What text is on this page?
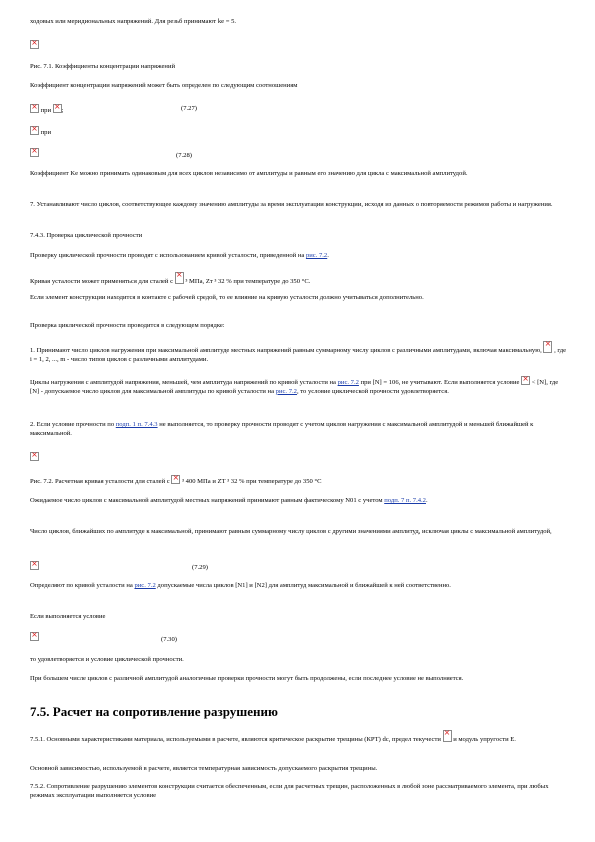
ходовых или меридиональных напряжений. Для резьб принимают ke = 5.
×
Рис. 7.1. Коэффициенты концентрации напряжений
Коэффициент концентрации напряжений может быть определен по следующим соотношениям
× при × ;	(7.27)
× при
×
(7.28)
Коэффициент Ke можно принимать одинаковым для всех циклов независимо от амплитуды и равным его значению для цикла с максимальной амплитудой.
7. Устанавливают число циклов, соответствующее каждому значению амплитуды за время эксплуатации конструкции, исходя из данных о повторяемости режимов работы и нагружения.
7.4.3. Проверка циклической прочности
Проверку циклической прочности проводят с использованием кривой усталости, приведенной на рис. 7.2.
Кривая усталости может применяться для сталей с × ³ МПа, Zт ³ 32 % при температуре до 350 °С.
Если элемент конструкции находится в контакте с рабочей средой, то ее влияние на кривую усталости должно учитываться дополнительно.
Проверка циклической прочности проводится в следующем порядке:
1. Принимают число циклов нагружения при максимальной амплитуде местных напряжений равным суммарному числу циклов с различными амплитудами, включая максимальную, × , где i = 1, 2, ..., m - число типов циклов с различными амплитудами.
Циклы нагружения с амплитудой напряжения, меньшей, чем амплитуда напряжений по кривой усталости на рис. 7.2 при [N] = 106, не учитывают. Если выполняется условие × < [N], где [N] - допускаемое число циклов для максимальной амплитуды по кривой усталости на рис. 7.2, то условие циклической прочности удовлетворяется.
2. Если условие прочности по подп. 1 п. 7.4.3 не выполняется, то проверку прочности проводят с учетом циклов нагружения с максимальной амплитудой и меньшей ближайшей к максимальной.
×
Рис. 7.2. Расчетная кривая усталости для сталей с × ³ 400 МПа и ZT ³ 32 % при температуре до 350 °С
Ожидаемое число циклов с максимальной амплитудой местных напряжений принимают равным фактическому N01 с учетом подп. 7 п. 7.4.2.
Число циклов, ближайших по амплитуде к максимальной, принимают равным суммарному числу циклов с другими значениями амплитуд, исключая циклы с максимальной амплитудой,
×
(7.29)
Определяют по кривой усталости на рис. 7.2 допускаемые числа циклов [N1] и [N2] для амплитуд максимальной и ближайшей к ней соответственно.
Если выполняется условие
×
(7.30)
то удовлетворяется и условие циклической прочности.
При большем числе циклов с различной амплитудой аналогичные проверки прочности могут быть продолжены, если последнее условие не выполняется.
7.5. Расчет на сопротивление разрушению
7.5.1. Основными характеристиками материала, используемыми в расчете, являются критическое раскрытие трещины (КРТ) dс, предел текучести × и модуль упругости E.
Основной зависимостью, используемой в расчете, является температурная зависимость допускаемого раскрытия трещины.
7.5.2. Сопротивление разрушению элементов конструкции считается обеспеченным, если для расчетных трещин, расположенных в любой зоне рассматриваемого элемента, при любых режимах эксплуатации выполняется условие
